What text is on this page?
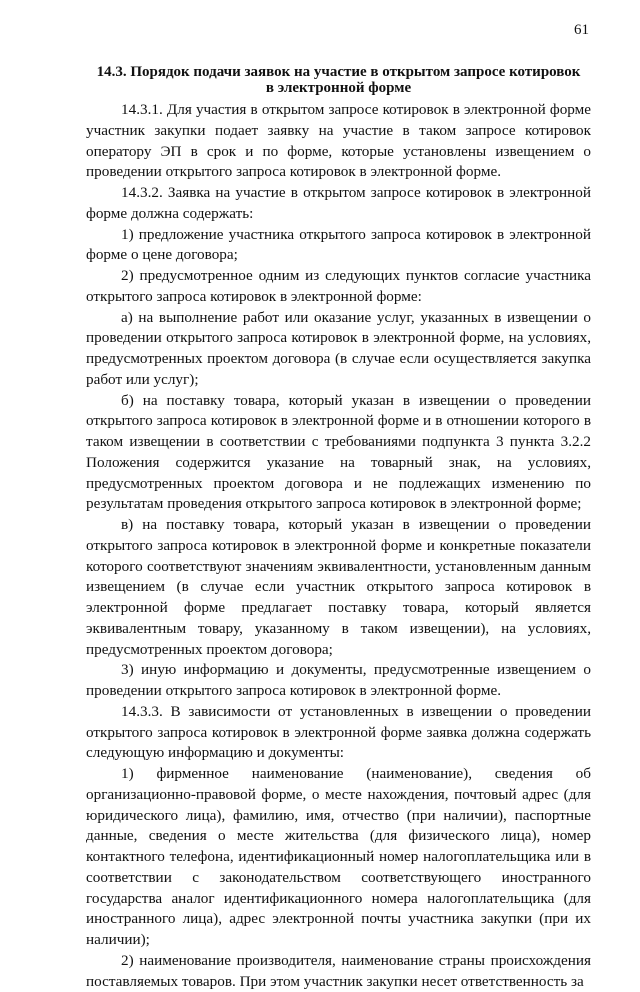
61
14.3. Порядок подачи заявок на участие в открытом запросе котировок
в электронной форме

14.3.1. Для участия в открытом запросе котировок в электронной форме участник закупки подает заявку на участие в таком запросе котировок оператору ЭП в срок и по форме, которые установлены извещением о проведении открытого запроса котировок в электронной форме.

14.3.2. Заявка на участие в открытом запросе котировок в электронной форме должна содержать:

1) предложение участника открытого запроса котировок в электронной форме о цене договора;

2) предусмотренное одним из следующих пунктов согласие участника открытого запроса котировок в электронной форме:

а) на выполнение работ или оказание услуг, указанных в извещении о проведении открытого запроса котировок в электронной форме, на условиях, предусмотренных проектом договора (в случае если осуществляется закупка работ или услуг);

б) на поставку товара, который указан в извещении о проведении открытого запроса котировок в электронной форме и в отношении которого в таком извещении в соответствии с требованиями подпункта 3 пункта 3.2.2 Положения содержится указание на товарный знак, на условиях, предусмотренных проектом договора и не подлежащих изменению по результатам проведения открытого запроса котировок в электронной форме;

в) на поставку товара, который указан в извещении о проведении открытого запроса котировок в электронной форме и конкретные показатели которого соответствуют значениям эквивалентности, установленным данным извещением (в случае если участник открытого запроса котировок в электронной форме предлагает поставку товара, который является эквивалентным товару, указанному в таком извещении), на условиях, предусмотренных проектом договора;

3) иную информацию и документы, предусмотренные извещением о проведении открытого запроса котировок в электронной форме.

14.3.3. В зависимости от установленных в извещении о проведении открытого запроса котировок в электронной форме заявка должна содержать следующую информацию и документы:

1) фирменное наименование (наименование), сведения об организационно-правовой форме, о месте нахождения, почтовый адрес (для юридического лица), фамилию, имя, отчество (при наличии), паспортные данные, сведения о месте жительства (для физического лица), номер контактного телефона, идентификационный номер налогоплательщика или в соответствии с законодательством соответствующего иностранного государства аналог идентификационного номера налогоплательщика (для иностранного лица), адрес электронной почты участника закупки (при их наличии);

2) наименование производителя, наименование страны происхождения поставляемых товаров. При этом участник закупки несет ответственность за
